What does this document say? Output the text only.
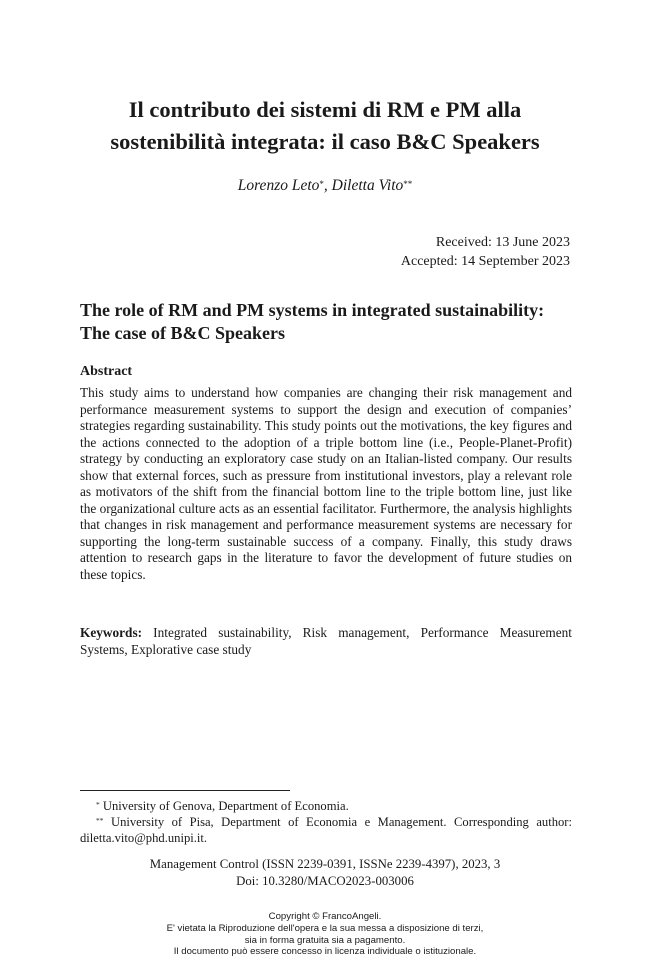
Il contributo dei sistemi di RM e PM alla
sostenibilità integrata: il caso B&C Speakers
Lorenzo Leto*, Diletta Vito**
Received: 13 June 2023
Accepted: 14 September 2023
The role of RM and PM systems in integrated sustainability: The case of B&C Speakers
Abstract

This study aims to understand how companies are changing their risk management and performance measurement systems to support the design and execution of companies’ strategies regarding sustainability. This study points out the motivations, the key figures and the actions connected to the adoption of a triple bottom line (i.e., People-Planet-Profit) strategy by conducting an exploratory case study on an Italian-listed company. Our results show that external forces, such as pressure from institutional investors, play a relevant role as motivators of the shift from the financial bottom line to the triple bottom line, just like the organizational culture acts as an essential facilitator. Furthermore, the analysis highlights that changes in risk management and performance measurement systems are necessary for supporting the long-term sustainable success of a company. Finally, this study draws attention to research gaps in the literature to favor the development of future studies on these topics.

Keywords: Integrated sustainability, Risk management, Performance Measurement Systems, Explorative case study

* University of Genova, Department of Economia.
** University of Pisa, Department of Economia e Management. Corresponding author: diletta.vito@phd.unipi.it.
Management Control (ISSN 2239-0391, ISSNe 2239-4397), 2023, 3
Doi: 10.3280/MACO2023-003006
Copyright © FrancoAngeli.
E' vietata la Riproduzione dell'opera e la sua messa a disposizione di terzi,
sia in forma gratuita sia a pagamento.
Il documento può essere concesso in licenza individuale o istituzionale.
